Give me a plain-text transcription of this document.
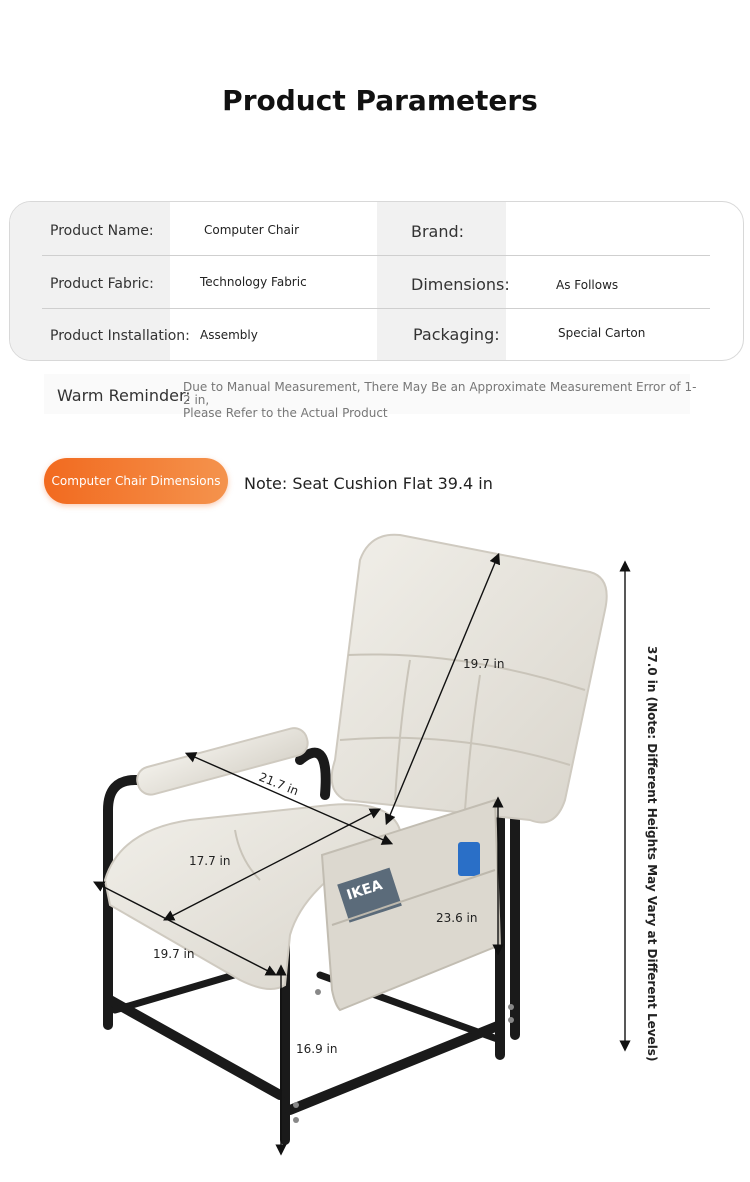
Product Parameters
Product Name:	Computer Chair	Brand:
Product Fabric:	Technology Fabric	Dimensions:	As Follows
Product Installation: Assembly	Packaging:	Special Carton
Warm Reminder:
Due to Manual Measurement, There May Be an Approximate Measurement Error of 1-2 in,
Please Refer to the Actual Product
Computer Chair Dimensions	Note: Seat Cushion Flat 39.4 in
IKEA
19.7 in
21.7 in
17.7 in
19.7 in
23.6 in
16.9 in	37.0 in (Note: Different Heights May Vary at Different Levels)
